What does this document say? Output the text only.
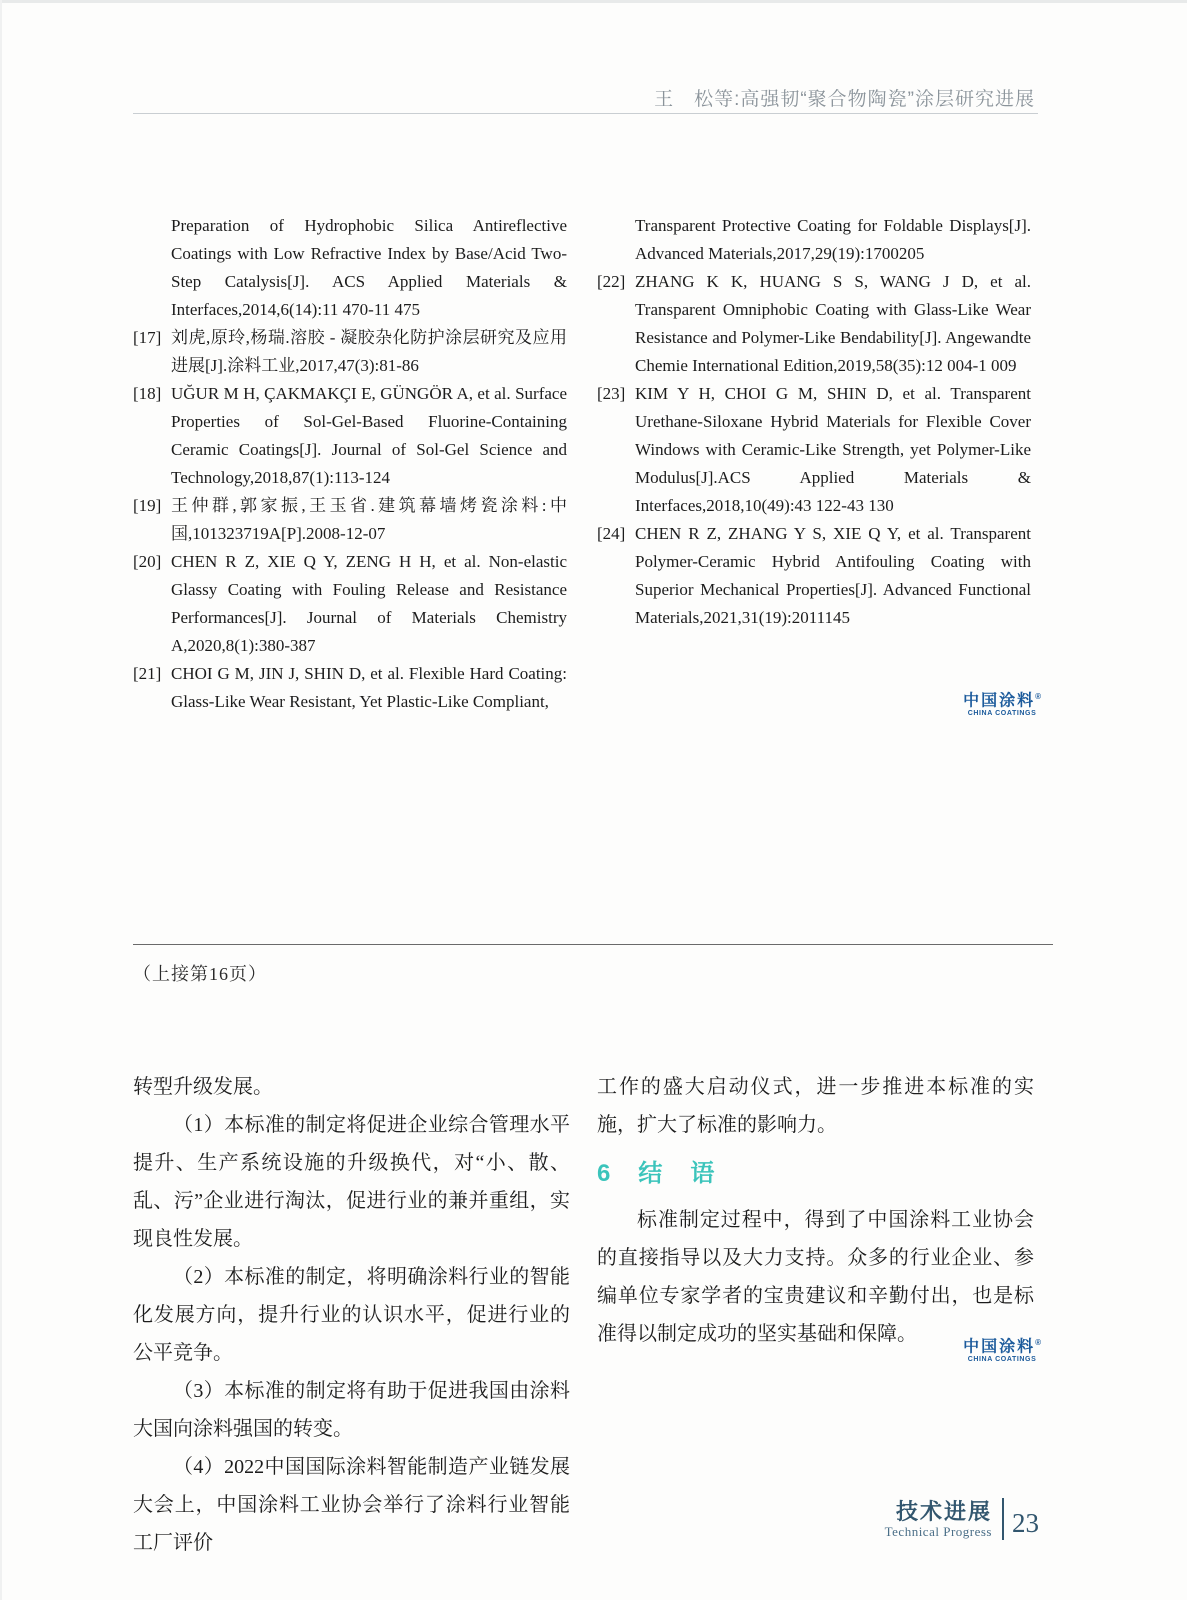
王　松等:高强韧“聚合物陶瓷”涂层研究进展
Preparation of Hydrophobic Silica Antireflective Coatings with Low Refractive Index by Base/Acid Two-Step Catalysis[J]. ACS Applied Materials & Interfaces,2014,6(14):11 470-11 475
[17] 刘虎,原玲,杨瑞.溶胶 - 凝胶杂化防护涂层研究及应用进展[J].涂料工业,2017,47(3):81-86
[18] UĞUR M H, ÇAKMAKÇI E, GÜNGÖR A, et al. Surface Properties of Sol-Gel-Based Fluorine-Containing Ceramic Coatings[J]. Journal of Sol-Gel Science and Technology,2018,87(1):113-124
[19] 王仲群,郭家振,王玉省.建筑幕墙烤瓷涂料:中国,101323719A[P].2008-12-07
[20] CHEN R Z, XIE Q Y, ZENG H H, et al. Non-elastic Glassy Coating with Fouling Release and Resistance Performances[J]. Journal of Materials Chemistry A,2020,8(1):380-387
[21] CHOI G M, JIN J, SHIN D, et al. Flexible Hard Coating: Glass-Like Wear Resistant, Yet Plastic-Like Compliant,
Transparent Protective Coating for Foldable Displays[J]. Advanced Materials,2017,29(19):1700205
[22] ZHANG K K, HUANG S S, WANG J D, et al. Transparent Omniphobic Coating with Glass-Like Wear Resistance and Polymer-Like Bendability[J]. Angewandte Chemie International Edition,2019,58(35):12 004-1 009
[23] KIM Y H, CHOI G M, SHIN D, et al. Transparent Urethane-Siloxane Hybrid Materials for Flexible Cover Windows with Ceramic-Like Strength, yet Polymer-Like Modulus[J].ACS Applied Materials & Interfaces,2018,10(49):43 122-43 130
[24] CHEN R Z, ZHANG Y S, XIE Q Y, et al. Transparent Polymer-Ceramic Hybrid Antifouling Coating with Superior Mechanical Properties[J]. Advanced Functional Materials,2021,31(19):2011145
中国涂料®
CHINA COATINGS
（上接第16页）

转型升级发展。

（1）本标准的制定将促进企业综合管理水平提升、生产系统设施的升级换代，对“小、散、乱、污”企业进行淘汰，促进行业的兼并重组，实现良性发展。

（2）本标准的制定，将明确涂料行业的智能化发展方向，提升行业的认识水平，促进行业的公平竞争。

（3）本标准的制定将有助于促进我国由涂料大国向涂料强国的转变。

（4）2022中国国际涂料智能制造产业链发展大会上，中国涂料工业协会举行了涂料行业智能工厂评价

工作的盛大启动仪式，进一步推进本标准的实施，扩大了标准的影响力。

6　结　语

标准制定过程中，得到了中国涂料工业协会的直接指导以及大力支持。众多的行业企业、参编单位专家学者的宝贵建议和辛勤付出，也是标准得以制定成功的坚实基础和保障。

中国涂料®
CHINA COATINGS
技术进展
Technical Progress 23
